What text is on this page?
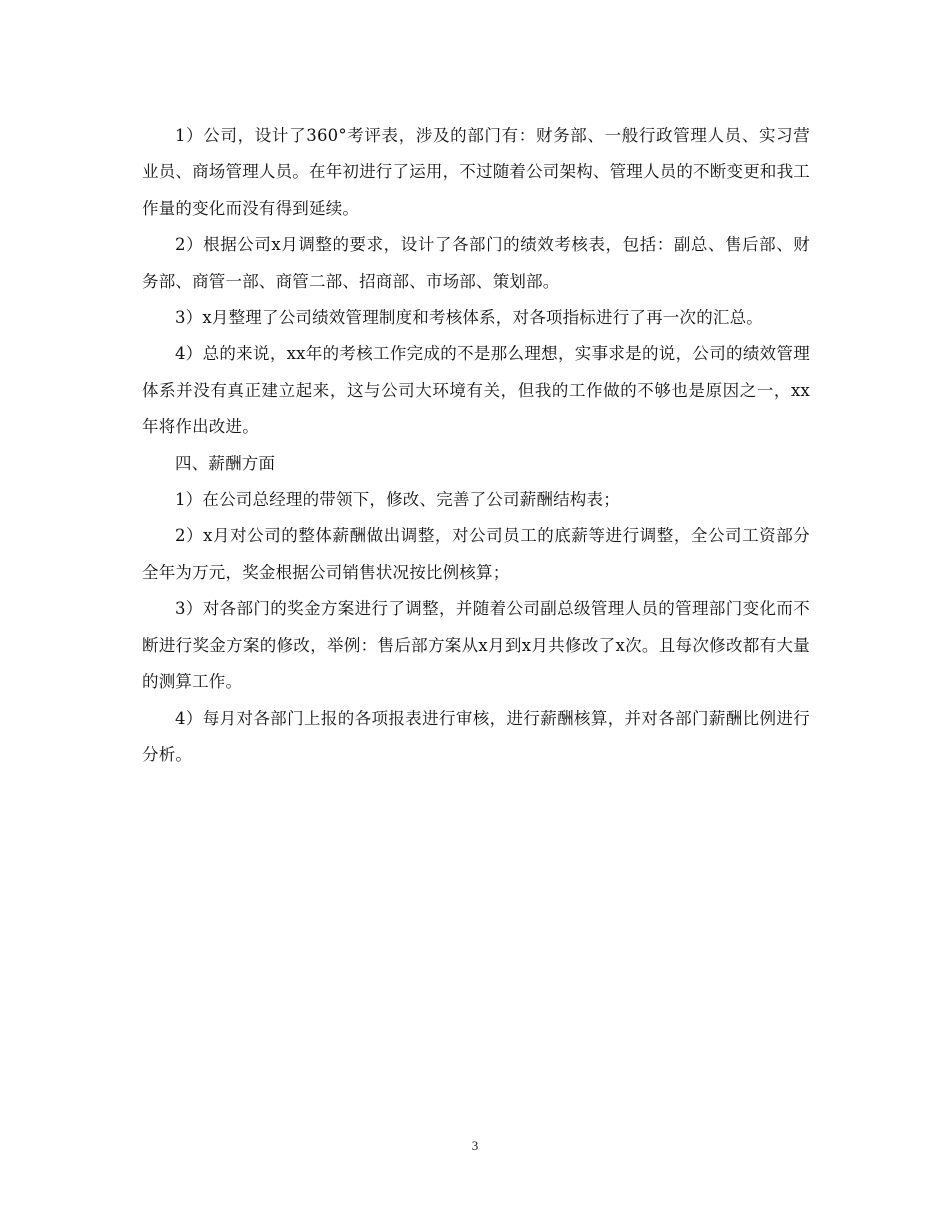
1）公司，设计了360°考评表，涉及的部门有：财务部、一般行政管理人员、实习营业员、商场管理人员。在年初进行了运用，不过随着公司架构、管理人员的不断变更和我工作量的变化而没有得到延续。

2）根据公司x月调整的要求，设计了各部门的绩效考核表，包括：副总、售后部、财务部、商管一部、商管二部、招商部、市场部、策划部。

3）x月整理了公司绩效管理制度和考核体系，对各项指标进行了再一次的汇总。

4）总的来说，xx年的考核工作完成的不是那么理想，实事求是的说，公司的绩效管理体系并没有真正建立起来，这与公司大环境有关，但我的工作做的不够也是原因之一，xx年将作出改进。

四、薪酬方面

1）在公司总经理的带领下，修改、完善了公司薪酬结构表；

2）x月对公司的整体薪酬做出调整，对公司员工的底薪等进行调整，全公司工资部分全年为万元，奖金根据公司销售状况按比例核算；

3）对各部门的奖金方案进行了调整，并随着公司副总级管理人员的管理部门变化而不断进行奖金方案的修改，举例：售后部方案从x月到x月共修改了x次。且每次修改都有大量的测算工作。

4）每月对各部门上报的各项报表进行审核，进行薪酬核算，并对各部门薪酬比例进行分析。

3
